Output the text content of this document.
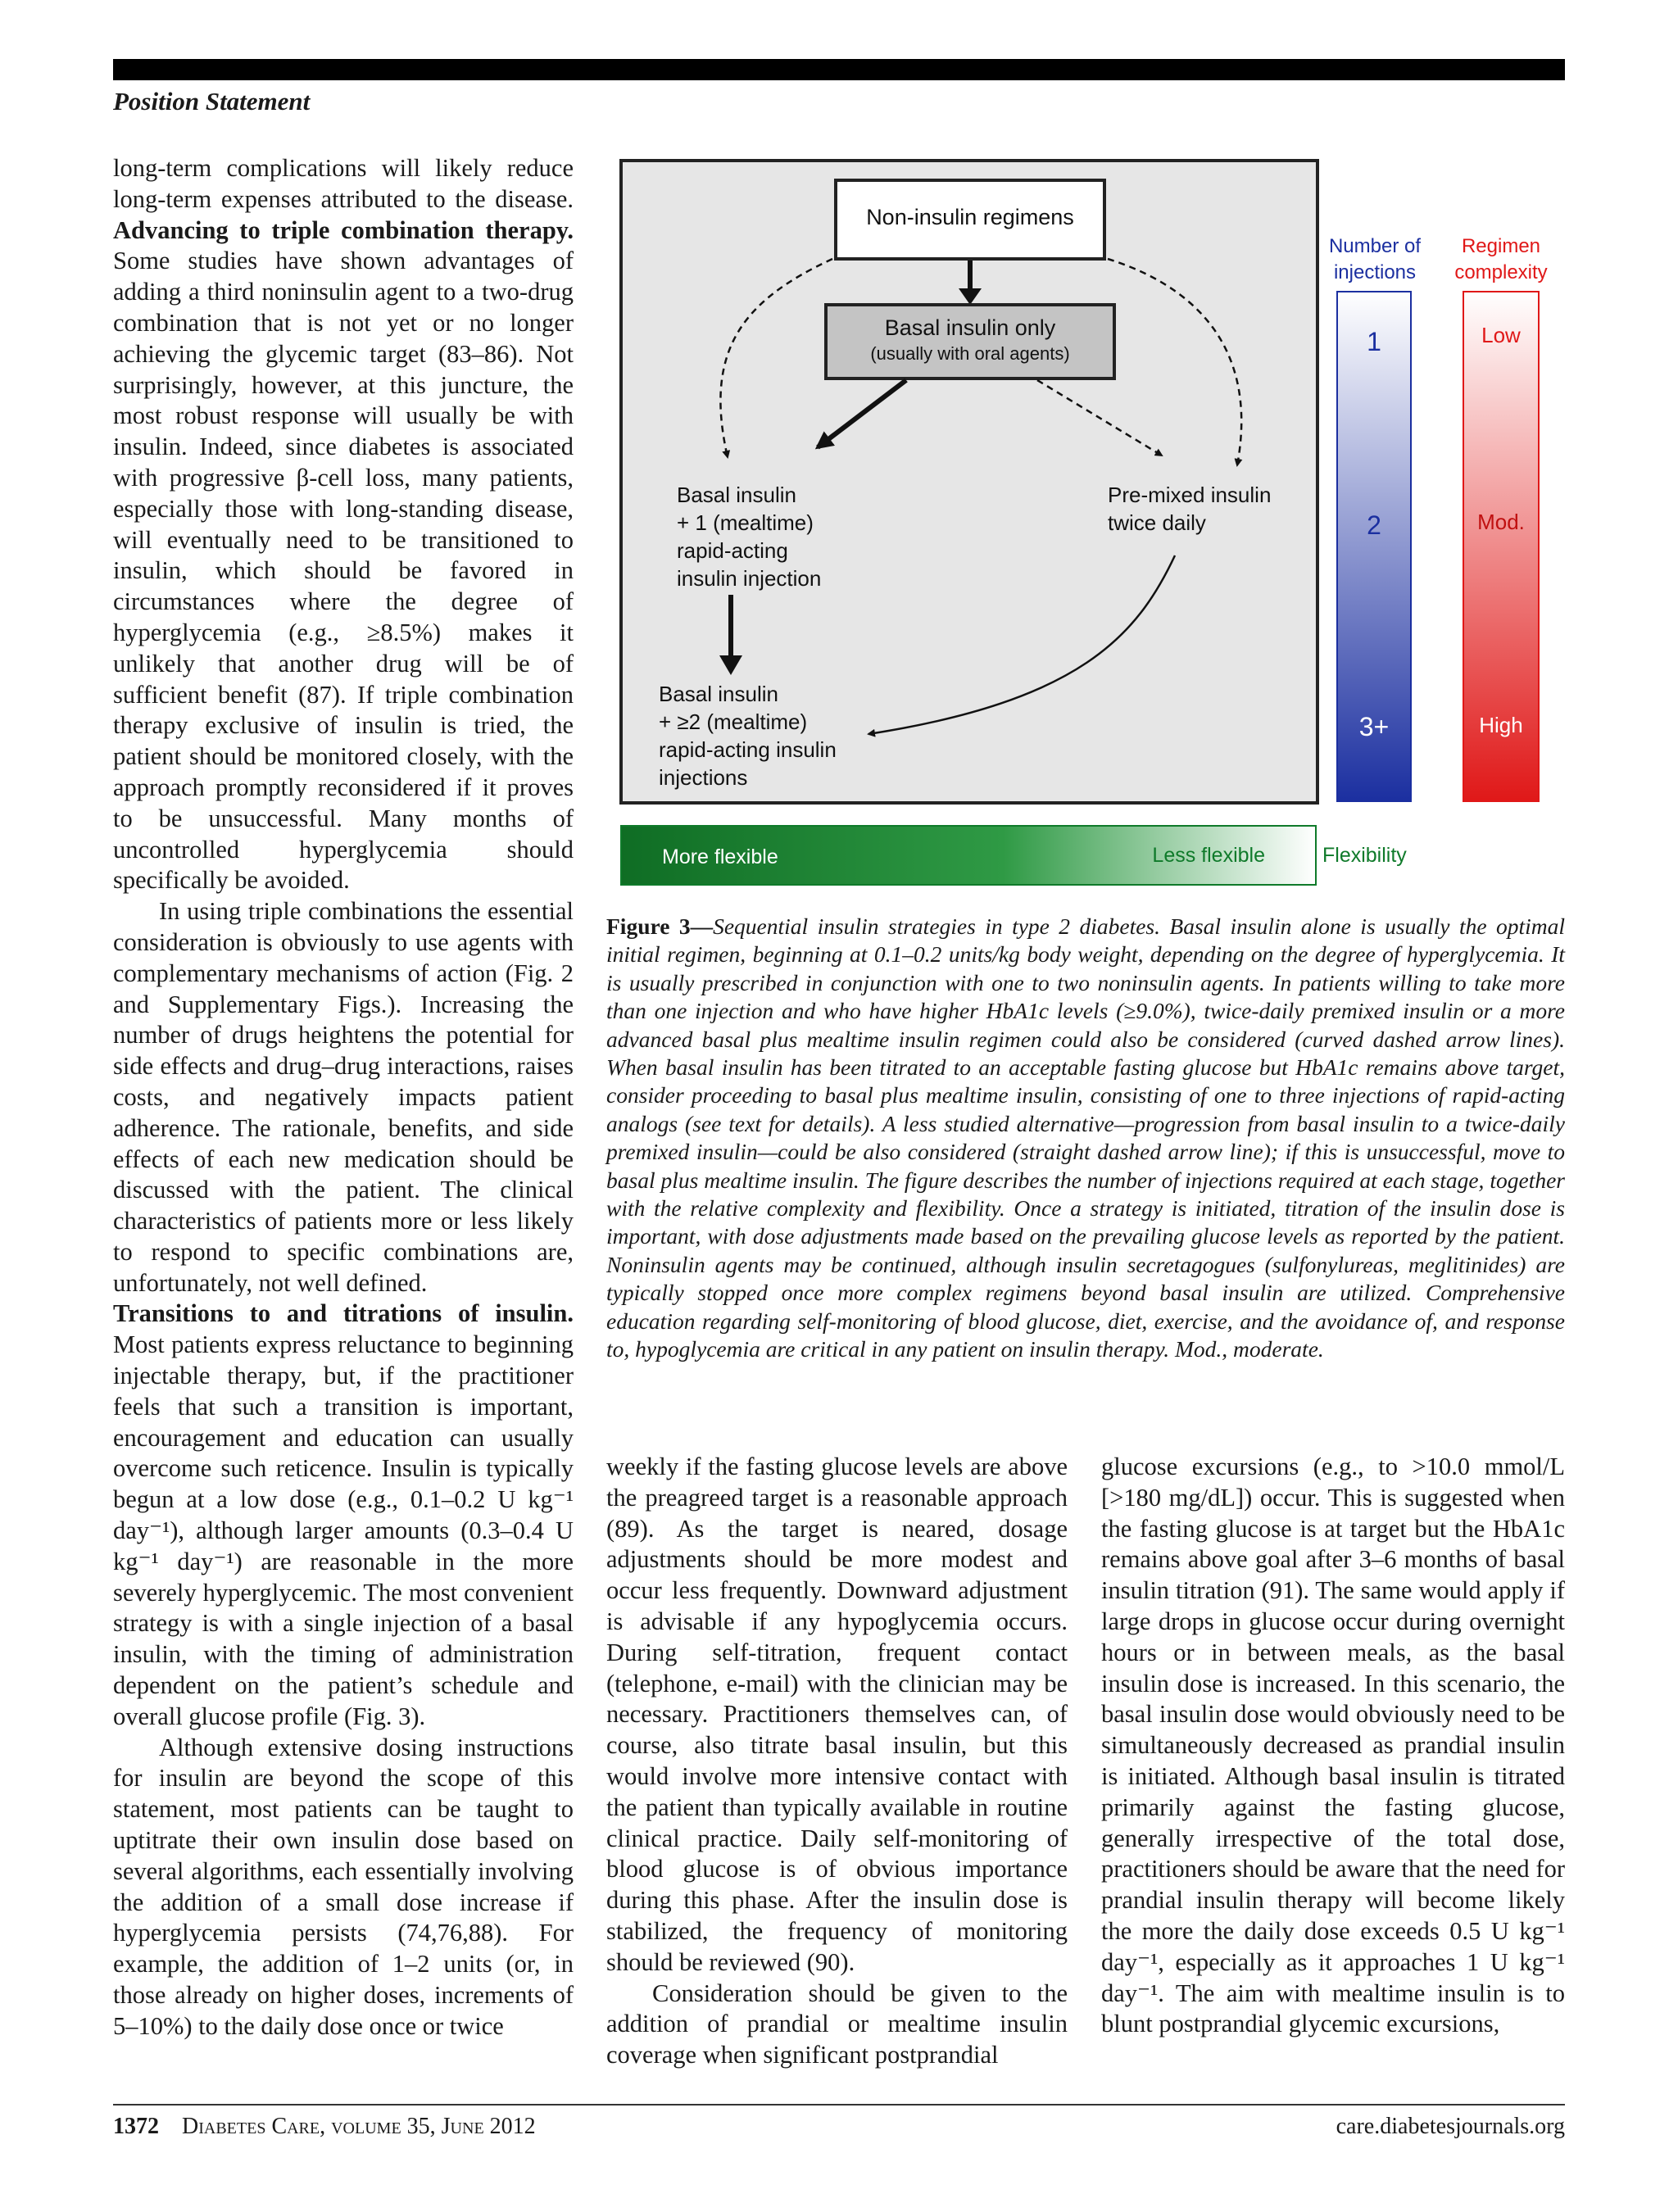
Position Statement

long-term complications will likely reduce long-term expenses attributed to the disease. Advancing to triple combination therapy. Some studies have shown advantages of adding a third noninsulin agent to a two-drug combination that is not yet or no longer achieving the glycemic target (83–86). Not surprisingly, however, at this juncture, the most robust response will usually be with insulin. Indeed, since diabetes is associated with progressive β-cell loss, many patients, especially those with long-standing disease, will eventually need to be transitioned to insulin, which should be favored in circumstances where the degree of hyperglycemia (e.g., ≥8.5%) makes it unlikely that another drug will be of sufficient benefit (87). If triple combination therapy exclusive of insulin is tried, the patient should be monitored closely, with the approach promptly reconsidered if it proves to be unsuccessful. Many months of uncontrolled hyperglycemia should specifically be avoided.

In using triple combinations the essential consideration is obviously to use agents with complementary mechanisms of action (Fig. 2 and Supplementary Figs.). Increasing the number of drugs heightens the potential for side effects and drug–drug interactions, raises costs, and negatively impacts patient adherence. The rationale, benefits, and side effects of each new medication should be discussed with the patient. The clinical characteristics of patients more or less likely to respond to specific combinations are, unfortunately, not well defined.

Transitions to and titrations of insulin. Most patients express reluctance to beginning injectable therapy, but, if the practitioner feels that such a transition is important, encouragement and education can usually overcome such reticence. Insulin is typically begun at a low dose (e.g., 0.1–0.2 U kg⁻¹ day⁻¹), although larger amounts (0.3–0.4 U kg⁻¹ day⁻¹) are reasonable in the more severely hyperglycemic. The most convenient strategy is with a single injection of a basal insulin, with the timing of administration dependent on the patient’s schedule and overall glucose profile (Fig. 3).

Although extensive dosing instructions for insulin are beyond the scope of this statement, most patients can be taught to uptitrate their own insulin dose based on several algorithms, each essentially involving the addition of a small dose increase if hyperglycemia persists (74,76,88). For example, the addition of 1–2 units (or, in those already on higher doses, increments of 5–10%) to the daily dose once or twice

Non-insulin regimens
Basal insulin only
(usually with oral agents)
Basal insulin
+ 1 (mealtime)
rapid-acting
insulin injection
Pre-mixed insulin
twice daily
Basal insulin
+ ≥2 (mealtime)
rapid-acting insulin
injections
Number of
injections
1
2
3+
Regimen
complexity
Low
Mod.
High
More flexible	Less flexible	Flexibility
Figure 3—Sequential insulin strategies in type 2 diabetes. Basal insulin alone is usually the optimal initial regimen, beginning at 0.1–0.2 units/kg body weight, depending on the degree of hyperglycemia. It is usually prescribed in conjunction with one to two noninsulin agents. In patients willing to take more than one injection and who have higher HbA1c levels (≥9.0%), twice-daily premixed insulin or a more advanced basal plus mealtime insulin regimen could also be considered (curved dashed arrow lines). When basal insulin has been titrated to an acceptable fasting glucose but HbA1c remains above target, consider proceeding to basal plus mealtime insulin, consisting of one to three injections of rapid-acting analogs (see text for details). A less studied alternative—progression from basal insulin to a twice-daily premixed insulin—could be also considered (straight dashed arrow line); if this is unsuccessful, move to basal plus mealtime insulin. The figure describes the number of injections required at each stage, together with the relative complexity and flexibility. Once a strategy is initiated, titration of the insulin dose is important, with dose adjustments made based on the prevailing glucose levels as reported by the patient. Noninsulin agents may be continued, although insulin secretagogues (sulfonylureas, meglitinides) are typically stopped once more complex regimens beyond basal insulin are utilized. Comprehensive education regarding self-monitoring of blood glucose, diet, exercise, and the avoidance of, and response to, hypoglycemia are critical in any patient on insulin therapy. Mod., moderate.

weekly if the fasting glucose levels are above the preagreed target is a reasonable approach (89). As the target is neared, dosage adjustments should be more modest and occur less frequently. Downward adjustment is advisable if any hypoglycemia occurs. During self-titration, frequent contact (telephone, e-mail) with the clinician may be necessary. Practitioners themselves can, of course, also titrate basal insulin, but this would involve more intensive contact with the patient than typically available in routine clinical practice. Daily self-monitoring of blood glucose is of obvious importance during this phase. After the insulin dose is stabilized, the frequency of monitoring should be reviewed (90).

Consideration should be given to the addition of prandial or mealtime insulin coverage when significant postprandial

glucose excursions (e.g., to >10.0 mmol/L [>180 mg/dL]) occur. This is suggested when the fasting glucose is at target but the HbA1c remains above goal after 3–6 months of basal insulin titration (91). The same would apply if large drops in glucose occur during overnight hours or in between meals, as the basal insulin dose is increased. In this scenario, the basal insulin dose would obviously need to be simultaneously decreased as prandial insulin is initiated. Although basal insulin is titrated primarily against the fasting glucose, generally irrespective of the total dose, practitioners should be aware that the need for prandial insulin therapy will become likely the more the daily dose exceeds 0.5 U kg⁻¹ day⁻¹, especially as it approaches 1 U kg⁻¹ day⁻¹. The aim with mealtime insulin is to blunt postprandial glycemic excursions,

1372 Diabetes Care, volume 35, June 2012	care.diabetesjournals.org
